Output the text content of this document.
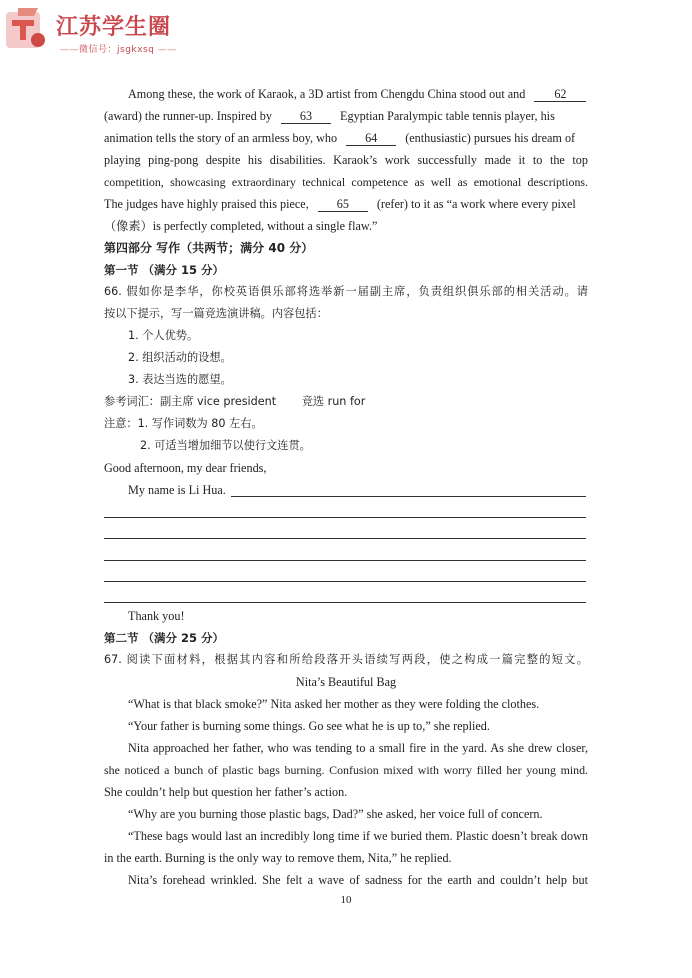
江苏学生圈
—— 微信号：jsgkxsq ——
Among these, the work of Karaok, a 3D artist from Chengdu China stood out and 62
(award) the runner-up. Inspired by 63 Egyptian Paralympic table tennis player, his
animation tells the story of an armless boy, who 64 (enthusiastic) pursues his dream of
playing ping-pong despite his disabilities. Karaok’s work successfully made it to the top
competition, showcasing extraordinary technical competence as well as emotional descriptions.
The judges have highly praised this piece, 65 (refer) to it as “a work where every pixel
（像素）is perfectly completed, without a single flaw.”
第四部分 写作（共两节；满分 40 分）
第一节 （满分 15 分）
66. 假如你是李华，你校英语俱乐部将选举新一届副主席，负责组织俱乐部的相关活动。请
按以下提示，写一篇竞选演讲稿。内容包括：
1. 个人优势。
2. 组织活动的设想。
3. 表达当选的愿望。
参考词汇：副主席 vice president 竞选 run for
注意：1. 写作词数为 80 左右。
2. 可适当增加细节以使行文连贯。
Good afternoon, my dear friends,
My name is Li Hua.
Thank you!
第二节 （满分 25 分）
67. 阅读下面材料，根据其内容和所给段落开头语续写两段，使之构成一篇完整的短文。
Nita’s Beautiful Bag
“What is that black smoke?” Nita asked her mother as they were folding the clothes.
“Your father is burning some things. Go see what he is up to,” she replied.
Nita approached her father, who was tending to a small fire in the yard. As she drew closer,
she noticed a bunch of plastic bags burning. Confusion mixed with worry filled her young mind.
She couldn’t help but question her father’s action.
“Why are you burning those plastic bags, Dad?” she asked, her voice full of concern.
“These bags would last an incredibly long time if we buried them. Plastic doesn’t break down
in the earth. Burning is the only way to remove them, Nita,” he replied.
Nita’s forehead wrinkled. She felt a wave of sadness for the earth and couldn’t help but
10
